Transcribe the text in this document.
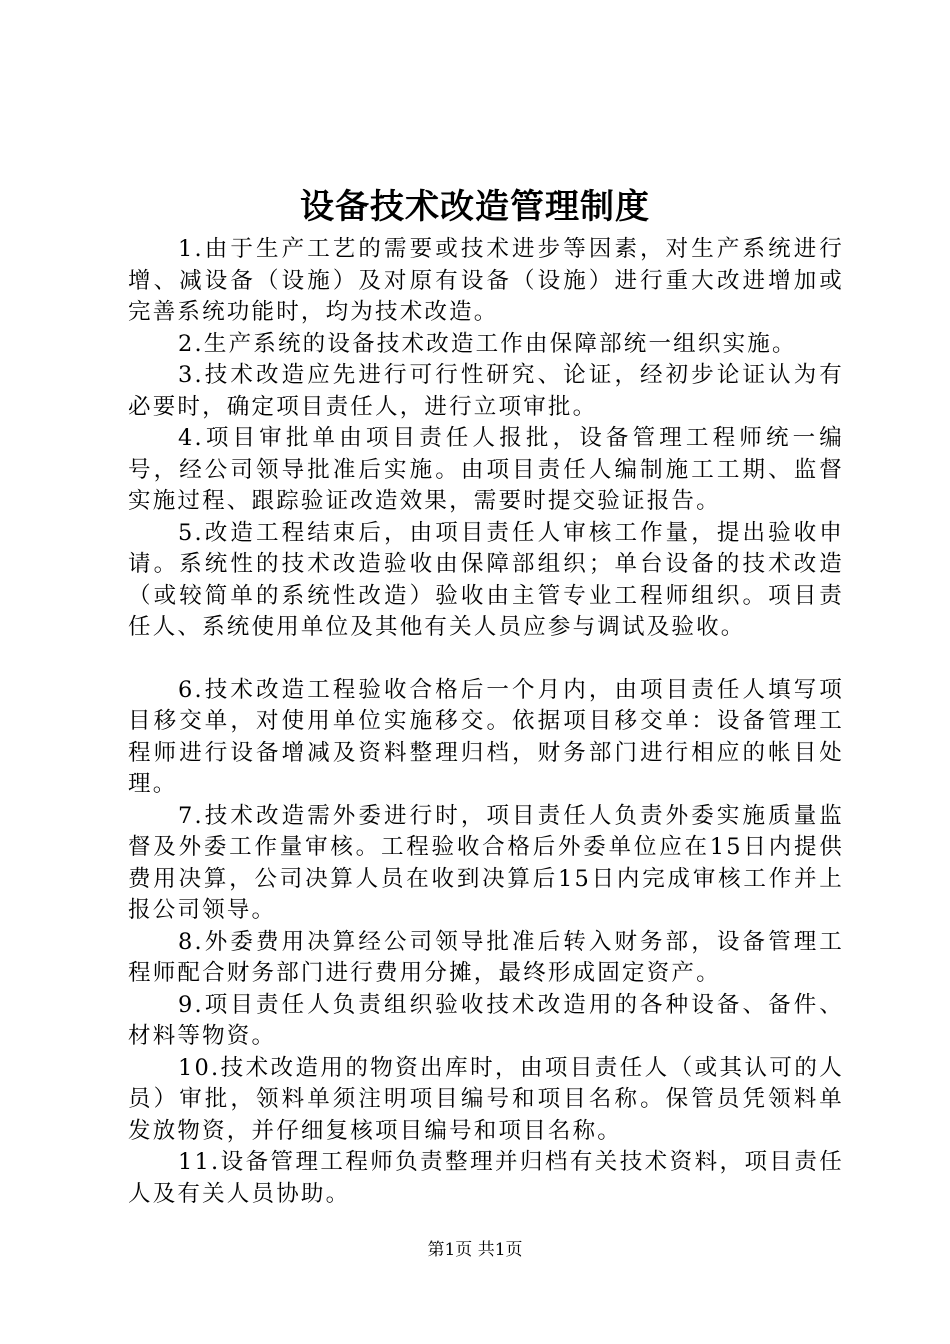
设备技术改造管理制度

1.由于生产工艺的需要或技术进步等因素，对生产系统进行增、减设备（设施）及对原有设备（设施）进行重大改进增加或完善系统功能时，均为技术改造。

2.生产系统的设备技术改造工作由保障部统一组织实施。

3.技术改造应先进行可行性研究、论证，经初步论证认为有必要时，确定项目责任人，进行立项审批。

4.项目审批单由项目责任人报批，设备管理工程师统一编号，经公司领导批准后实施。由项目责任人编制施工工期、监督实施过程、跟踪验证改造效果，需要时提交验证报告。

5.改造工程结束后，由项目责任人审核工作量，提出验收申请。系统性的技术改造验收由保障部组织；单台设备的技术改造（或较简单的系统性改造）验收由主管专业工程师组织。项目责任人、系统使用单位及其他有关人员应参与调试及验收。

6.技术改造工程验收合格后一个月内，由项目责任人填写项目移交单，对使用单位实施移交。依据项目移交单：设备管理工程师进行设备增减及资料整理归档，财务部门进行相应的帐目处理。

7.技术改造需外委进行时，项目责任人负责外委实施质量监督及外委工作量审核。工程验收合格后外委单位应在15日内提供费用决算，公司决算人员在收到决算后15日内完成审核工作并上报公司领导。

8.外委费用决算经公司领导批准后转入财务部，设备管理工程师配合财务部门进行费用分摊，最终形成固定资产。

9.项目责任人负责组织验收技术改造用的各种设备、备件、材料等物资。

10.技术改造用的物资出库时，由项目责任人（或其认可的人员）审批，领料单须注明项目编号和项目名称。保管员凭领料单发放物资，并仔细复核项目编号和项目名称。

11.设备管理工程师负责整理并归档有关技术资料，项目责任人及有关人员协助。

第1页 共1页
